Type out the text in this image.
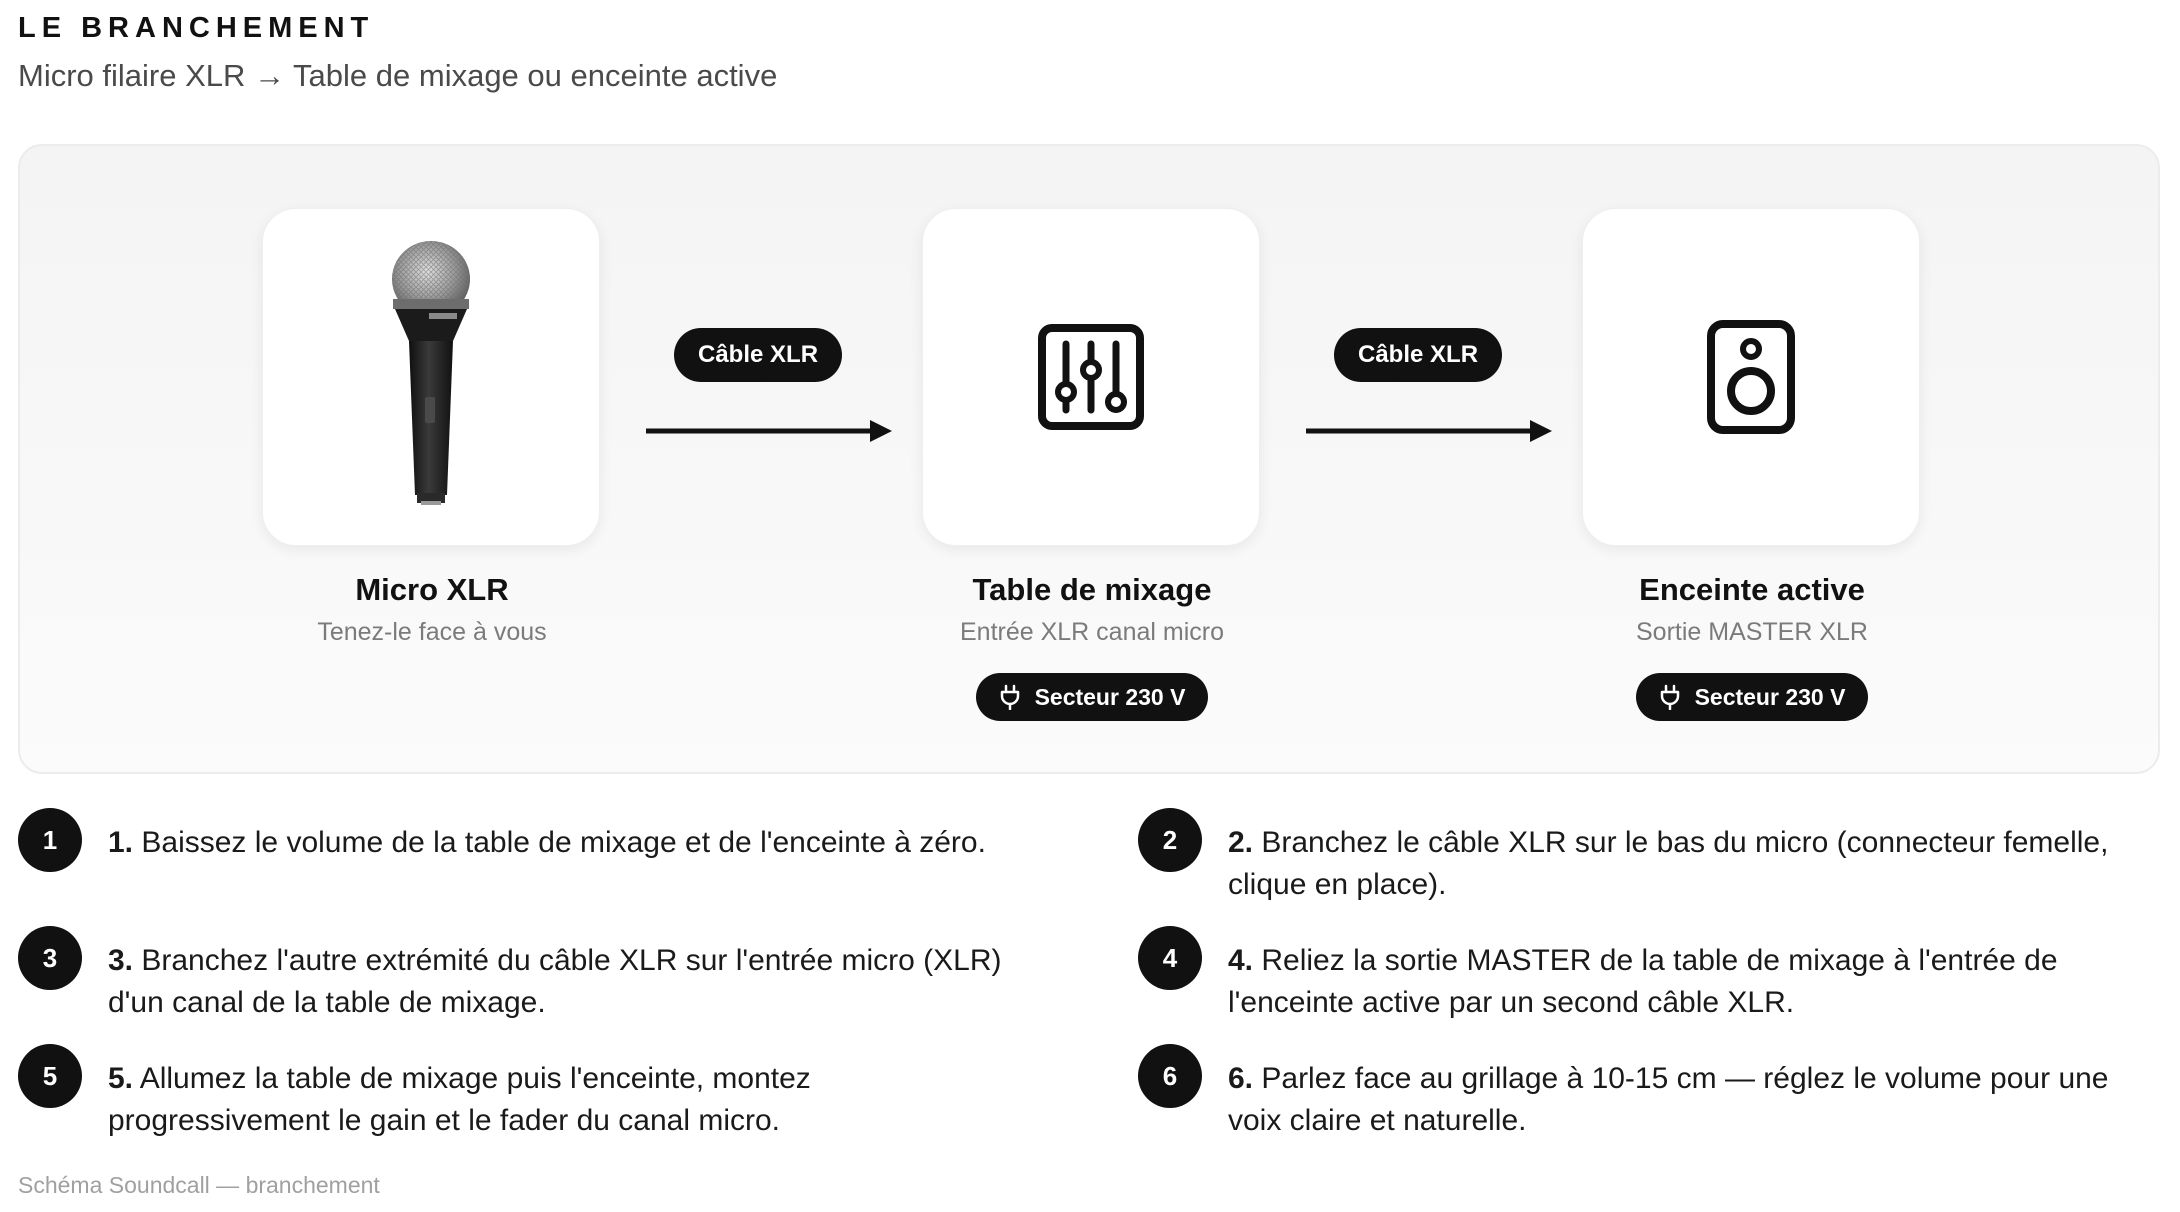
LE BRANCHEMENT
Micro filaire XLR → Table de mixage ou enceinte active
Micro XLR
Tenez-le face à vous
Câble XLR
Table de mixage
Entrée XLR canal micro
Secteur 230 V
Câble XLR
Enceinte active
Sortie MASTER XLR
Secteur 230 V
1	1. Baissez le volume de la table de mixage et de l'enceinte à zéro.	2	2. Branchez le câble XLR sur le bas du micro (connecteur femelle, clique en place).
3	3. Branchez l'autre extrémité du câble XLR sur l'entrée micro (XLR) d'un canal de la table de mixage.
4	4. Reliez la sortie MASTER de la table de mixage à l'entrée de l'enceinte active par un second câble XLR.
5	5. Allumez la table de mixage puis l'enceinte, montez progressivement le gain et le fader du canal micro.
6	6. Parlez face au grillage à 10-15 cm — réglez le volume pour une voix claire et naturelle.
Schéma Soundcall — branchement
